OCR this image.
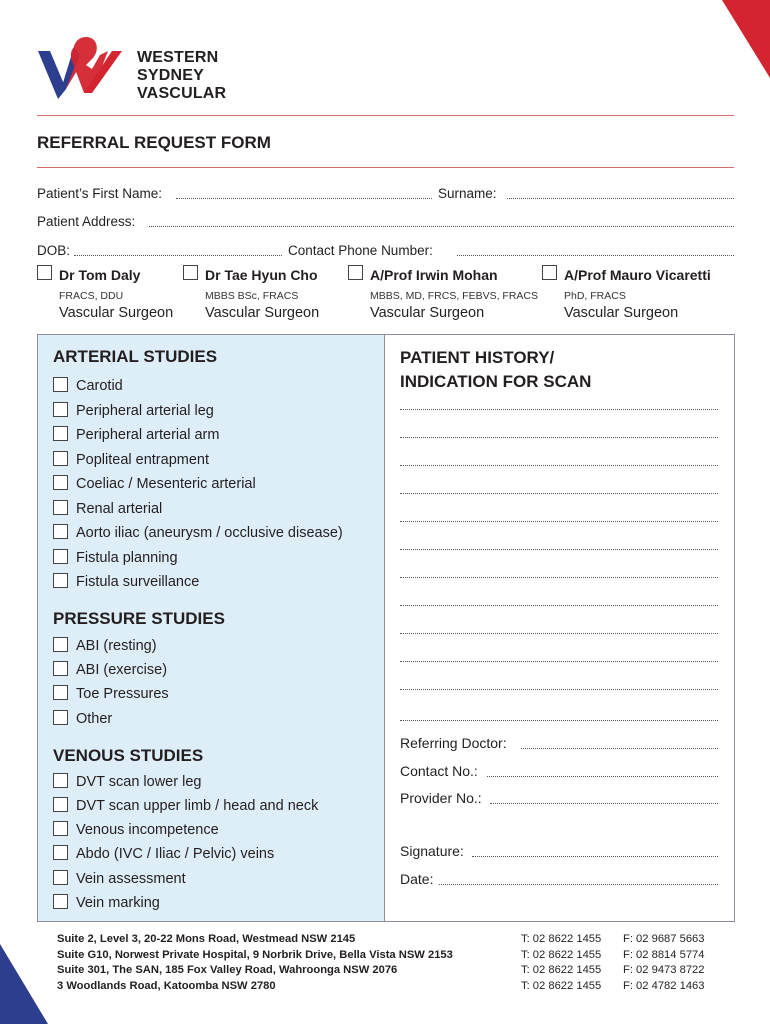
WESTERN
SYDNEY
VASCULAR
REFERRAL REQUEST FORM
Patient’s First Name:	Surname:
Patient Address:
DOB:	Contact Phone Number:
Dr Tom Daly
FRACS, DDU
Vascular Surgeon
Dr Tae Hyun Cho
MBBS BSc, FRACS
Vascular Surgeon
A/Prof Irwin Mohan
MBBS, MD, FRCS, FEBVS, FRACS
Vascular Surgeon
A/Prof Mauro Vicaretti
PhD, FRACS
Vascular Surgeon
ARTERIAL STUDIES
Carotid
Peripheral arterial leg
Peripheral arterial arm
Popliteal entrapment
Coeliac / Mesenteric arterial
Renal arterial
Aorto iliac (aneurysm / occlusive disease)
Fistula planning
Fistula surveillance
PRESSURE STUDIES
ABI (resting)
ABI (exercise)
Toe Pressures
Other
VENOUS STUDIES
DVT scan lower leg
DVT scan upper limb / head and neck
Venous incompetence
Abdo (IVC / Iliac / Pelvic) veins
Vein assessment
Vein marking
PATIENT HISTORY/
INDICATION FOR SCAN
Referring Doctor:
Contact No.:
Provider No.:
Signature:
Date:
Suite 2, Level 3, 20-22 Mons Road, Westmead NSW 2145
Suite G10, Norwest Private Hospital, 9 Norbrik Drive, Bella Vista NSW 2153
Suite 301, The SAN, 185 Fox Valley Road, Wahroonga NSW 2076
3 Woodlands Road, Katoomba NSW 2780
T: 02 8622 1455
T: 02 8622 1455
T: 02 8622 1455
T: 02 8622 1455
F: 02 9687 5663
F: 02 8814 5774
F: 02 9473 8722
F: 02 4782 1463
